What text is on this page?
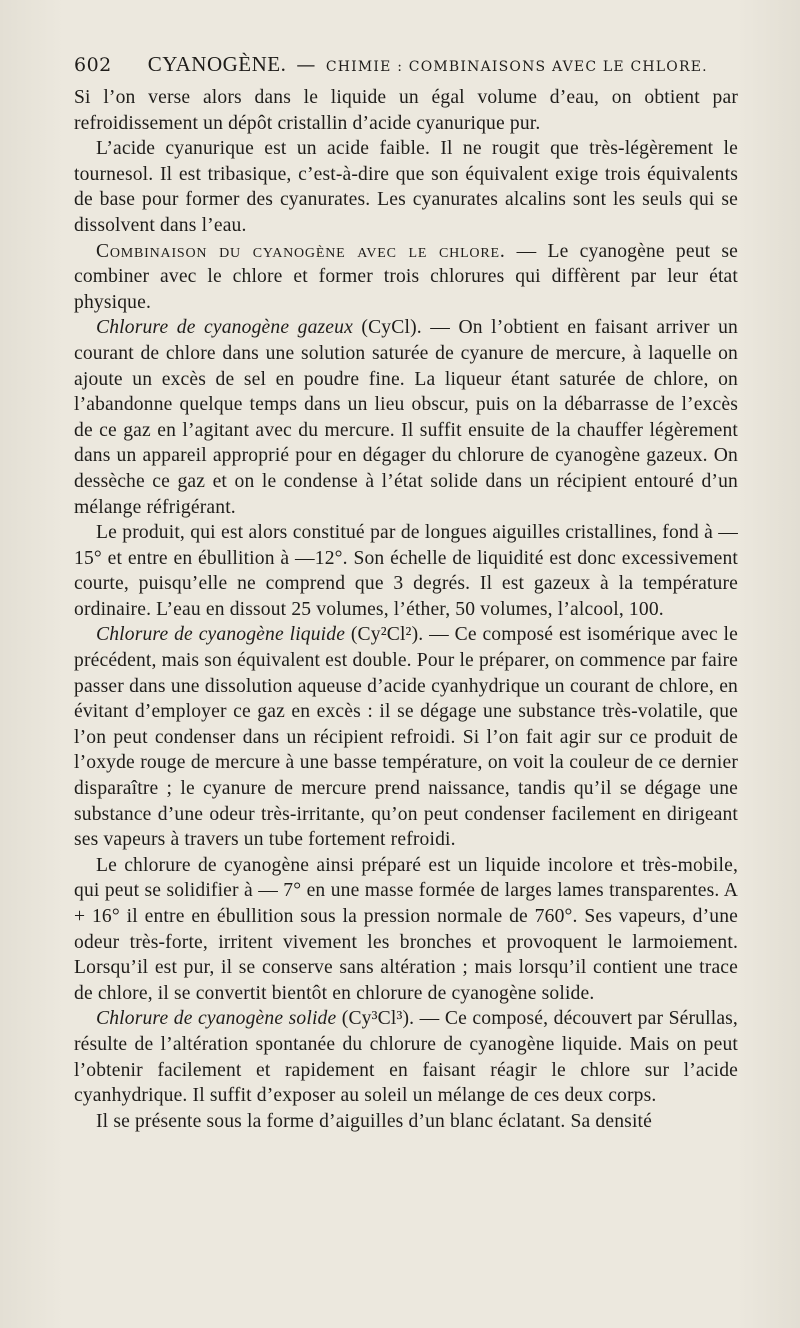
602 CYANOGÈNE. — CHIMIE : COMBINAISONS AVEC LE CHLORE.

Si l’on verse alors dans le liquide un égal volume d’eau, on obtient par refroidissement un dépôt cristallin d’acide cyanurique pur.

L’acide cyanurique est un acide faible. Il ne rougit que très-légèrement le tournesol. Il est tribasique, c’est-à-dire que son équivalent exige trois équivalents de base pour former des cyanurates. Les cyanurates alcalins sont les seuls qui se dissolvent dans l’eau.

Combinaison du cyanogène avec le chlore. — Le cyanogène peut se combiner avec le chlore et former trois chlorures qui diffèrent par leur état physique.

Chlorure de cyanogène gazeux (CyCl). — On l’obtient en faisant arriver un courant de chlore dans une solution saturée de cyanure de mercure, à laquelle on ajoute un excès de sel en poudre fine. La liqueur étant saturée de chlore, on l’abandonne quelque temps dans un lieu obscur, puis on la débarrasse de l’excès de ce gaz en l’agitant avec du mercure. Il suffit ensuite de la chauffer légèrement dans un appareil approprié pour en dégager du chlorure de cyanogène gazeux. On dessèche ce gaz et on le condense à l’état solide dans un récipient entouré d’un mélange réfrigérant.

Le produit, qui est alors constitué par de longues aiguilles cristallines, fond à —15° et entre en ébullition à —12°. Son échelle de liquidité est donc excessivement courte, puisqu’elle ne comprend que 3 degrés. Il est gazeux à la température ordinaire. L’eau en dissout 25 volumes, l’éther, 50 volumes, l’alcool, 100.

Chlorure de cyanogène liquide (Cy²Cl²). — Ce composé est isomérique avec le précédent, mais son équivalent est double. Pour le préparer, on commence par faire passer dans une dissolution aqueuse d’acide cyanhydrique un courant de chlore, en évitant d’employer ce gaz en excès : il se dégage une substance très-volatile, que l’on peut condenser dans un récipient refroidi. Si l’on fait agir sur ce produit de l’oxyde rouge de mercure à une basse température, on voit la couleur de ce dernier disparaître ; le cyanure de mercure prend naissance, tandis qu’il se dégage une substance d’une odeur très-irritante, qu’on peut condenser facilement en dirigeant ses vapeurs à travers un tube fortement refroidi.

Le chlorure de cyanogène ainsi préparé est un liquide incolore et très-mobile, qui peut se solidifier à — 7° en une masse formée de larges lames transparentes. A + 16° il entre en ébullition sous la pression normale de 760°. Ses vapeurs, d’une odeur très-forte, irritent vivement les bronches et provoquent le larmoiement. Lorsqu’il est pur, il se conserve sans altération ; mais lorsqu’il contient une trace de chlore, il se convertit bientôt en chlorure de cyanogène solide.

Chlorure de cyanogène solide (Cy³Cl³). — Ce composé, découvert par Sérullas, résulte de l’altération spontanée du chlorure de cyanogène liquide. Mais on peut l’obtenir facilement et rapidement en faisant réagir le chlore sur l’acide cyanhydrique. Il suffit d’exposer au soleil un mélange de ces deux corps.

Il se présente sous la forme d’aiguilles d’un blanc éclatant. Sa densité
